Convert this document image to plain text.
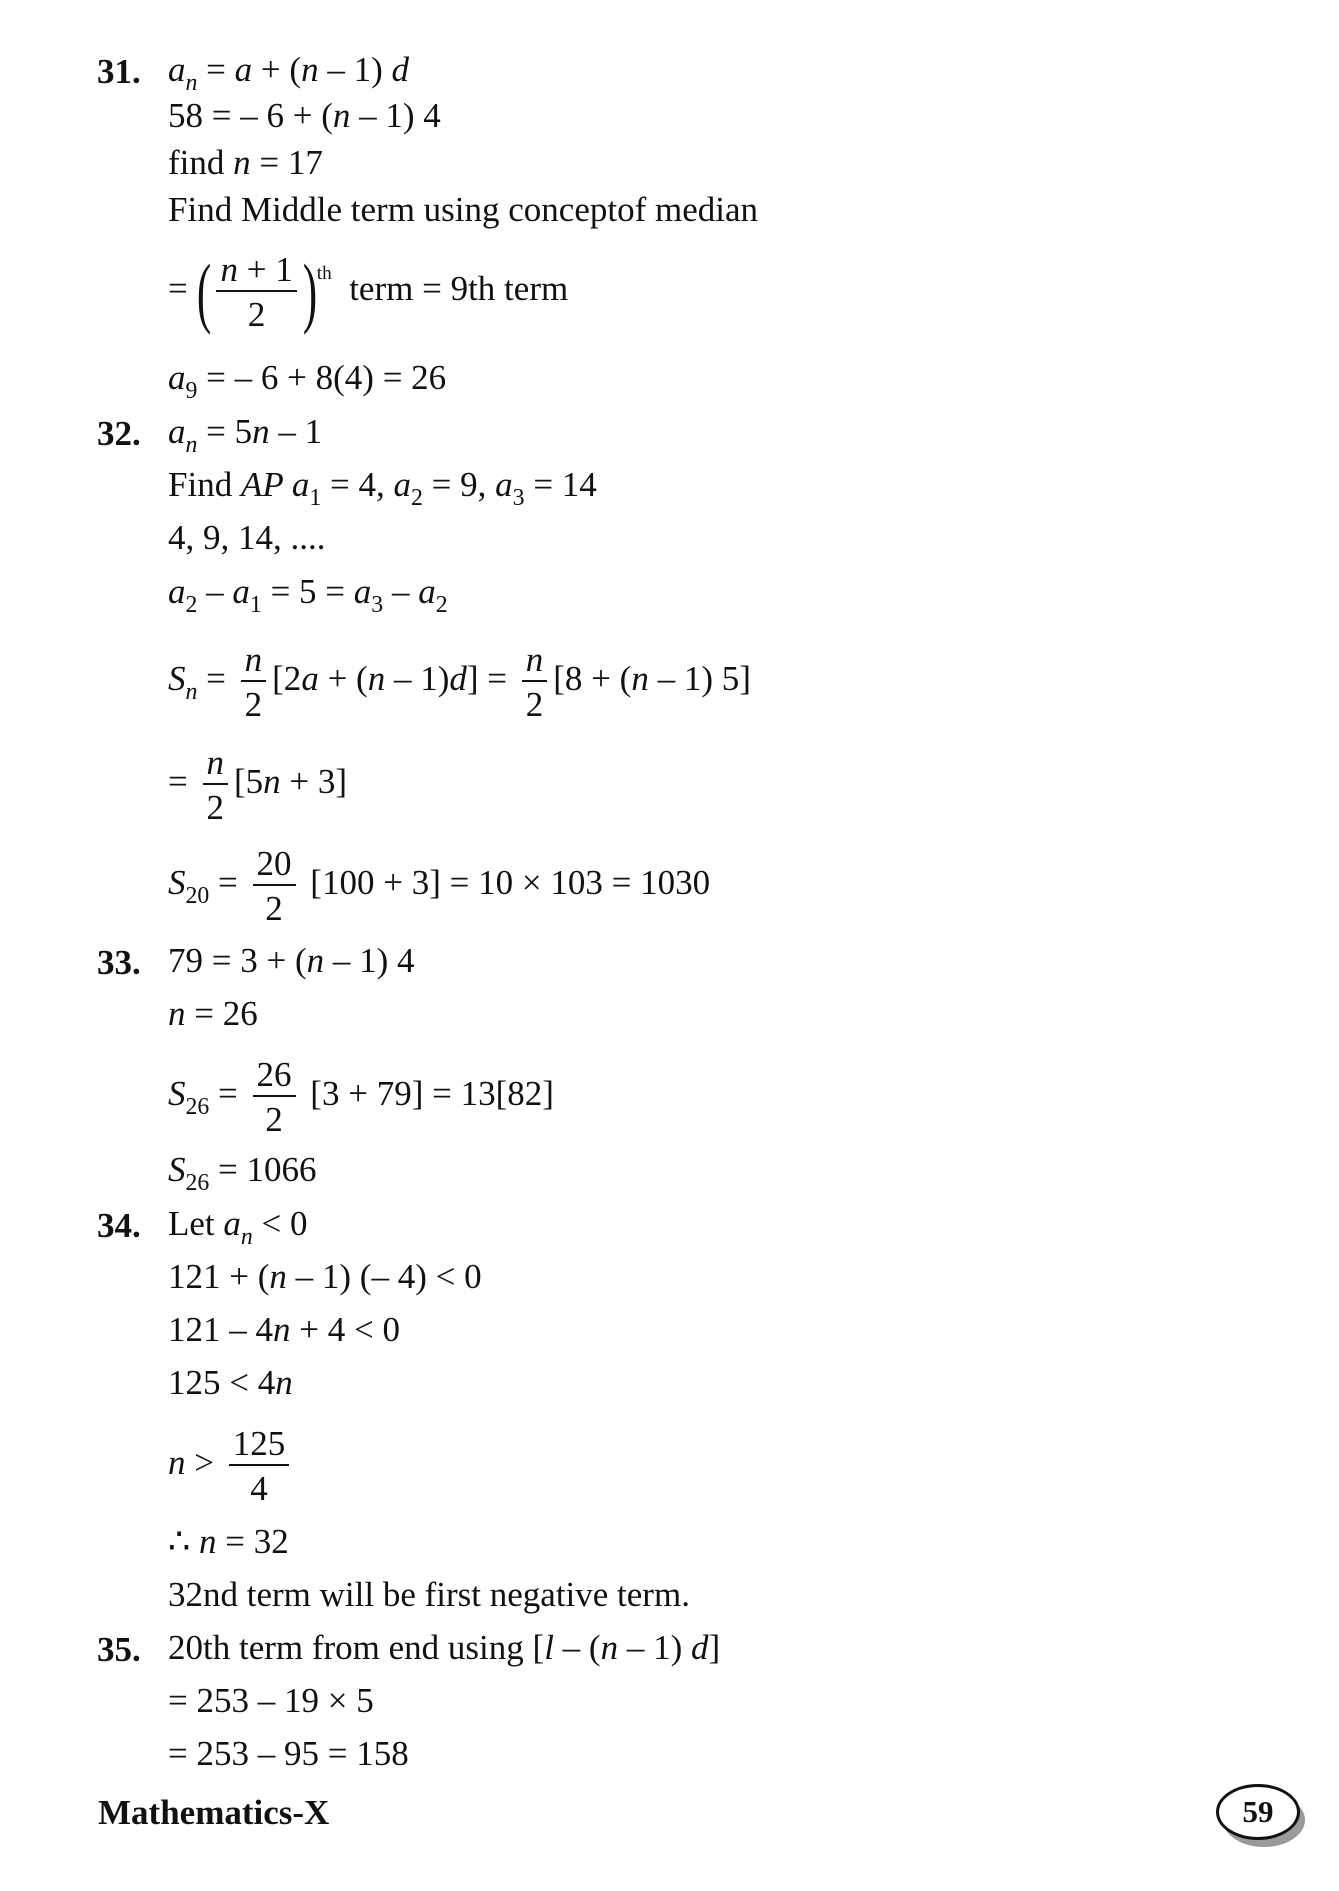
31. $a_n = a + (n - 1)$ d
58 = – 6 + (n – 1) 4
find n = 17
Find Middle term using conceptof median
= ( $\frac{n + 1}{2} )^{th}$ term = 9th term
$a_9$ = – 6 + 8(4) = 26
32. $a_n = 5n - 1$
Find AP $a_1 = 4$, $a_2 = 9$, $a_3 = 14$
4, 9, 14, ....
$a_2 - a_1 = 5 = a_3 - a_2$
$S_n = \frac{n}{2} [2a + (n - 1)d] = \frac{n}{2} [8 + (n - 1)$ 5]
= $\frac{n}{2} [5n + 3]$
$S_{20} = \frac{20}{2} [100 + 3] = 10 \times 103 = 1030$
33. 79 = 3 + (n – 1) 4
n = 26
$S_{26} = \frac{26}{2} [3 + 79] = 13[82]$
$S_{26} = 1066$
34. Let $a_n < 0$
121 + (n – 1) (– 4) < 0
121 – 4n + 4 < 0
125 < 4n
$n > \frac{125}{4}$
∴ n = 32
32nd term will be first negative term.
35. 20th term from end using [l – (n – 1) d]
= 253 – 19 × 5
= 253 – 95 = 158
Mathematics-X	59
